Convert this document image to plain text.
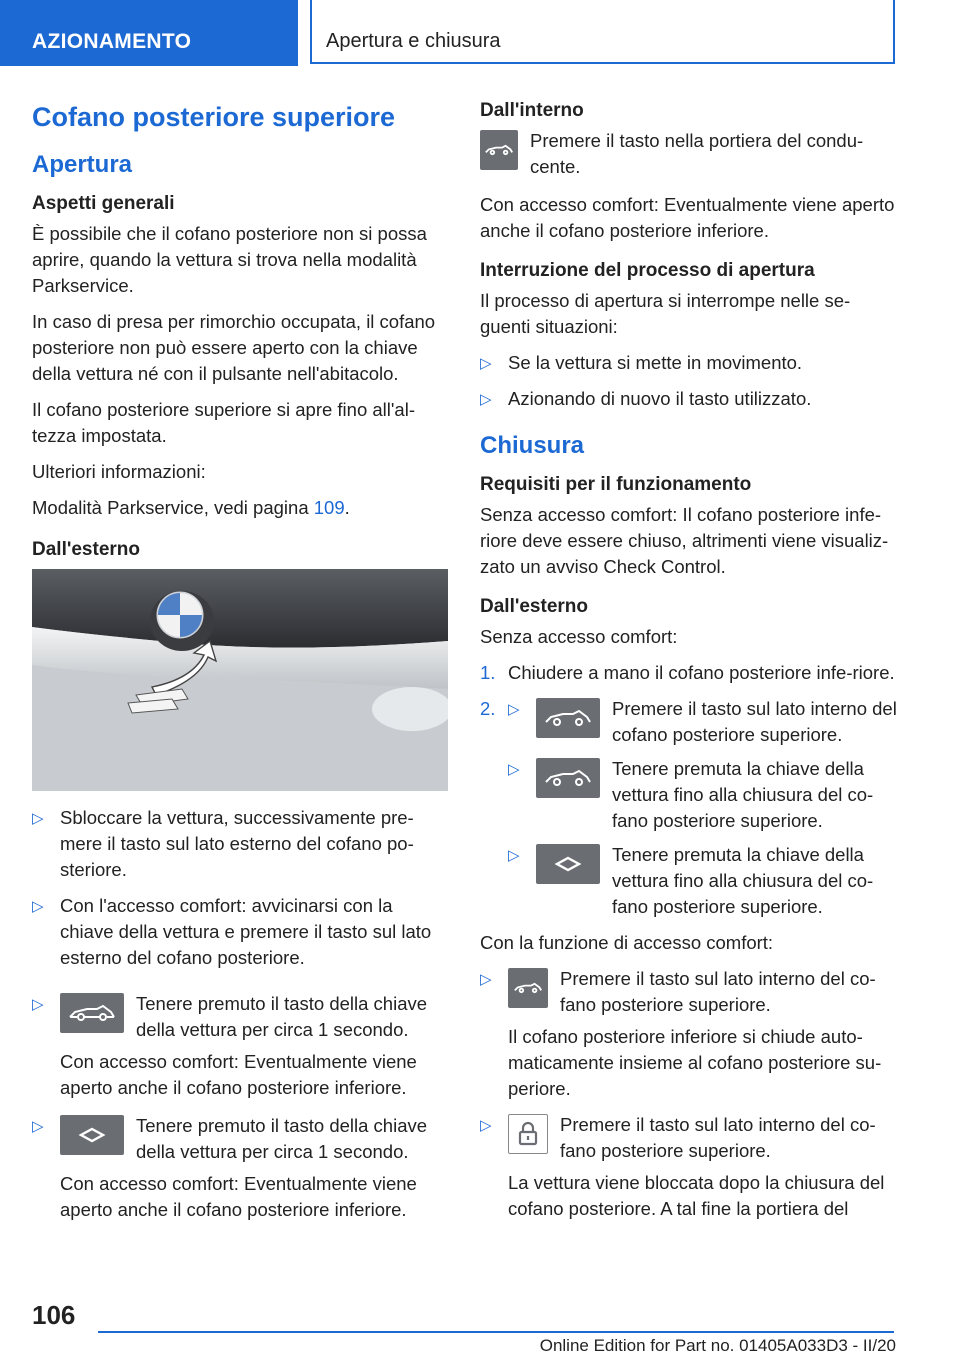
AZIONAMENTO	Apertura e chiusura
Cofano posteriore superiore
Apertura
Aspetti generali

È possibile che il cofano posteriore non si possa aprire, quando la vettura si trova nella modalità Parkservice.

In caso di presa per rimorchio occupata, il cofano posteriore non può essere aperto con la chiave della vettura né con il pulsante nell'abitacolo.

Il cofano posteriore superiore si apre fino all'al-tezza impostata.

Ulteriori informazioni:

Modalità Parkservice, vedi pagina 109.

Dall'esterno
▷ Sbloccare la vettura, successivamente pre-mere il tasto sul lato esterno del cofano po-steriore.
▷ Con l'accesso comfort: avvicinarsi con la chiave della vettura e premere il tasto sul lato esterno del cofano posteriore.
▷	Tenere premuto il tasto della chiave della vettura per circa 1 secondo.

Con accesso comfort: Eventualmente viene aperto anche il cofano posteriore inferiore.

▷	Tenere premuto il tasto della chiave della vettura per circa 1 secondo.

Con accesso comfort: Eventualmente viene aperto anche il cofano posteriore inferiore.

Dall'interno

Premere il tasto nella portiera del condu-cente.

Con accesso comfort: Eventualmente viene aperto anche il cofano posteriore inferiore.

Interruzione del processo di apertura

Il processo di apertura si interrompe nelle se-guenti situazioni:

▷ Se la vettura si mette in movimento.
▷ Azionando di nuovo il tasto utilizzato.
Chiusura
Requisiti per il funzionamento

Senza accesso comfort: Il cofano posteriore infe-riore deve essere chiuso, altrimenti viene visualiz-zato un avviso Check Control.

Dall'esterno

Senza accesso comfort:

1. Chiudere a mano il cofano posteriore infe-riore.
2. ▷	Premere il tasto sul lato interno del cofano posteriore superiore.
▷	Tenere premuta la chiave della vettura fino alla chiusura del co-fano posteriore superiore.
▷	Tenere premuta la chiave della vettura fino alla chiusura del co-fano posteriore superiore.

Con la funzione di accesso comfort:

▷	Premere il tasto sul lato interno del co-fano posteriore superiore.

Il cofano posteriore inferiore si chiude auto-maticamente insieme al cofano posteriore su-periore.

▷	Premere il tasto sul lato interno del co-fano posteriore superiore.

La vettura viene bloccata dopo la chiusura del cofano posteriore. A tal fine la portiera del

106
Online Edition for Part no. 01405A033D3 - II/20
